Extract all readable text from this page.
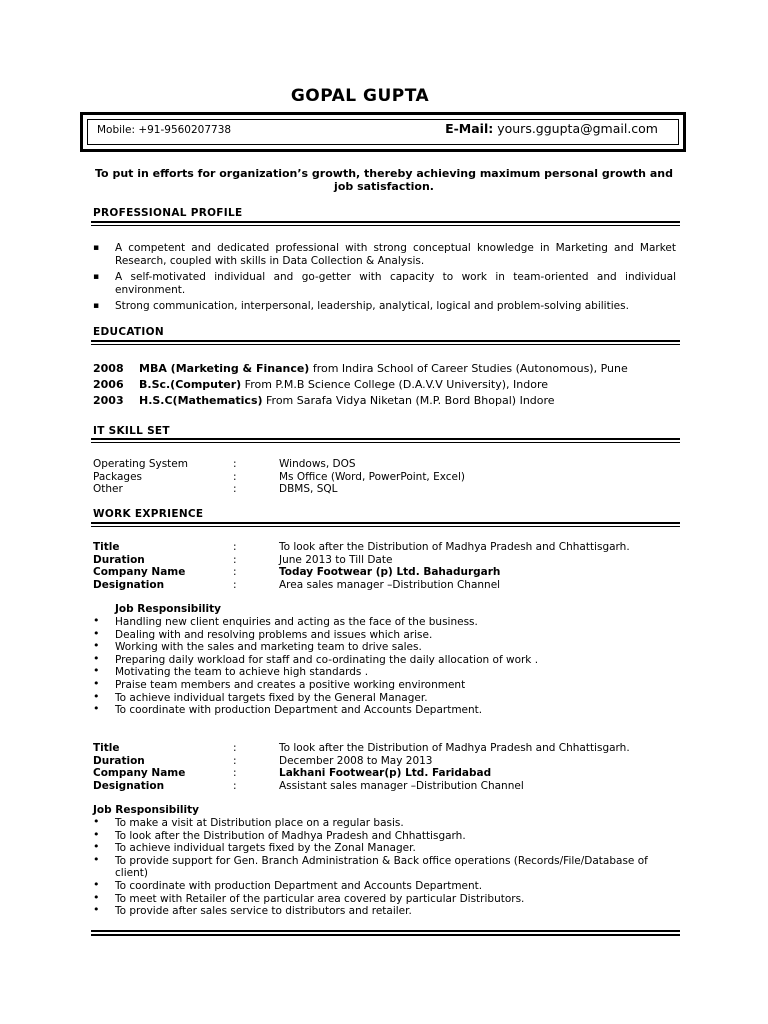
GOPAL GUPTA
Mobile: +91-9560207738	E-Mail: yours.ggupta@gmail.com
To put in efforts for organization’s growth, thereby achieving maximum personal growth and job satisfaction.
PROFESSIONAL PROFILE
▪ A competent and dedicated professional with strong conceptual knowledge in Marketing and Market Research, coupled with skills in Data Collection & Analysis.
▪ A self-motivated individual and go-getter with capacity to work in team-oriented and individual environment.
▪ Strong communication, interpersonal, leadership, analytical, logical and problem-solving abilities.
EDUCATION
2008 MBA (Marketing & Finance) from Indira School of Career Studies (Autonomous), Pune
2006 B.Sc.(Computer) From P.M.B Science College (D.A.V.V University), Indore
2003 H.S.C(Mathematics) From Sarafa Vidya Niketan (M.P. Bord Bhopal) Indore
IT SKILL SET
Operating System	:	Windows, DOS
Packages	:	Ms Office (Word, PowerPoint, Excel)
Other	:	DBMS, SQL
WORK EXPRIENCE
Title	:	To look after the Distribution of Madhya Pradesh and Chhattisgarh.
Duration	:	June 2013 to Till Date
Company Name	:	Today Footwear (p) Ltd. Bahadurgarh
Designation	:	Area sales manager –Distribution Channel
Job Responsibility
• Handling new client enquiries and acting as the face of the business.
• Dealing with and resolving problems and issues which arise.
• Working with the sales and marketing team to drive sales.
• Preparing daily workload for staff and co-ordinating the daily allocation of work .
• Motivating the team to achieve high standards .
• Praise team members and creates a positive working environment
• To achieve individual targets fixed by the General Manager.
• To coordinate with production Department and Accounts Department.
Title	:	To look after the Distribution of Madhya Pradesh and Chhattisgarh.
Duration	:	December 2008 to May 2013
Company Name	:	Lakhani Footwear(p) Ltd. Faridabad
Designation	:	Assistant sales manager –Distribution Channel
Job Responsibility
• To make a visit at Distribution place on a regular basis.
• To look after the Distribution of Madhya Pradesh and Chhattisgarh.
• To achieve individual targets fixed by the Zonal Manager.
• To provide support for Gen. Branch Administration & Back office operations (Records/File/Database of client)
• To coordinate with production Department and Accounts Department.
• To meet with Retailer of the particular area covered by particular Distributors.
• To provide after sales service to distributors and retailer.
